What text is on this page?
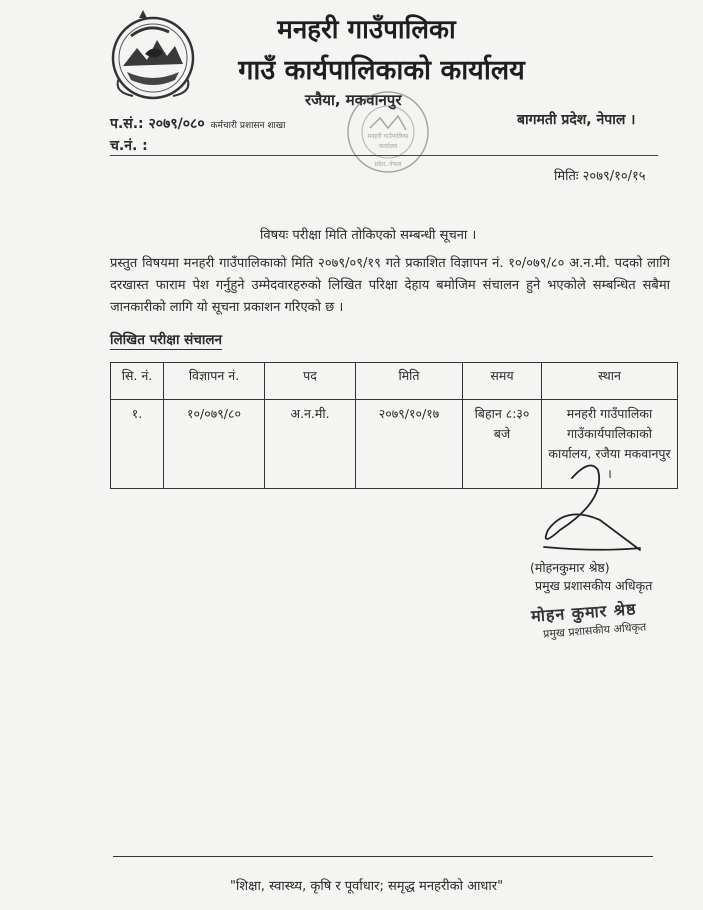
मनहरी गाउँपालिका
गाउँ कार्यपालिकाको कार्यालय
रजैया, मकवानपुर
प.सं.: २०७९/०८० कर्मचारी प्रशासन शाखा
च.नं. :
बागमती प्रदेश, नेपाल ।
मनहरी गाउँपालिका
कार्यालय
प्रदेश, नेपाल
मितिः २०७९/१०/१५
विषयः परीक्षा मिति तोकिएको सम्बन्धी सूचना ।
प्रस्तुत विषयमा मनहरी गाउँपालिकाको मिति २०७९/०९/१९ गते प्रकाशित विज्ञापन नं. १०/०७९/८० अ.न.मी. पदको लागि दरखास्त फाराम पेश गर्नुहुने उम्मेदवारहरुको लिखित परिक्षा देहाय बमोजिम संचालन हुने भएकोले सम्बन्धित सबैमा जानकारीको लागि यो सूचना प्रकाशन गरिएको छ ।
लिखित परीक्षा संचालन
सि. नं.	विज्ञापन नं.	पद	मिति	समय	स्थान
१.	१०/०७९/८०	अ.न.मी.	२०७९/१०/१७	बिहान ८:३० बजे	मनहरी गाउँपालिका गाउँकार्यपालिकाको कार्यालय, रजैया मकवानपुर ।
(मोहनकुमार श्रेष्ठ)
प्रमुख प्रशासकीय अधिकृत
मोहन कुमार श्रेष्ठ
प्रमुख प्रशासकीय अधिकृत
"शिक्षा, स्वास्थ्य, कृषि र पूर्वाधार; समृद्ध मनहरीको आधार"
